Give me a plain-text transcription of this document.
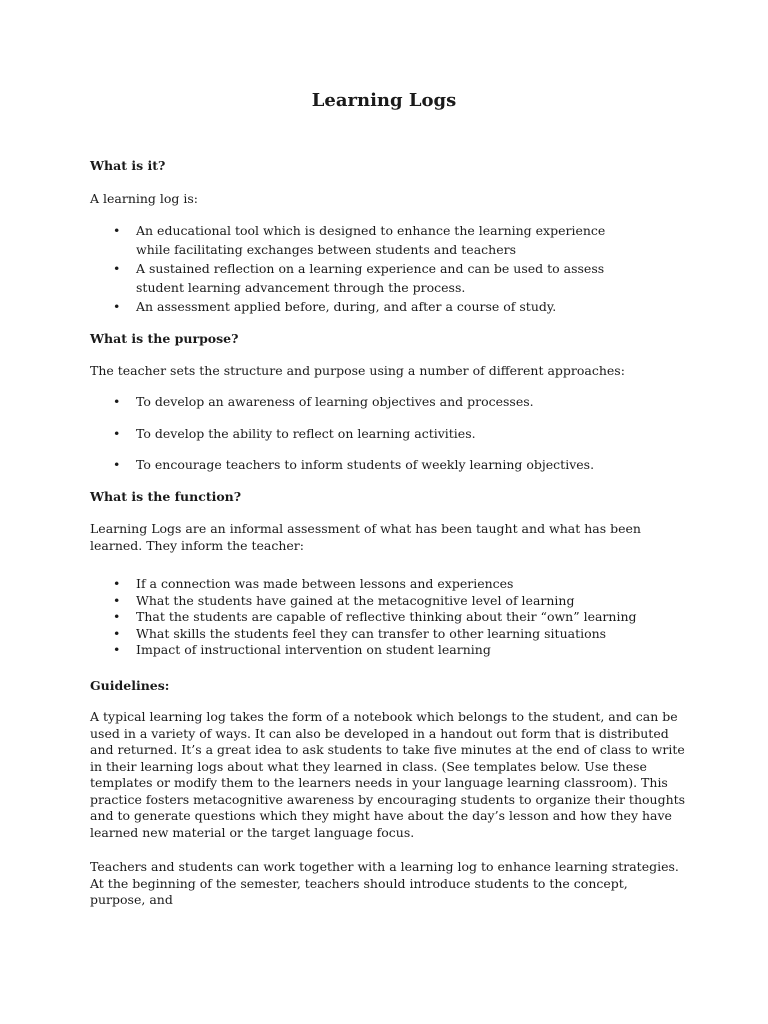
Learning Logs
What is it?
A learning log is:
• An educational tool which is designed to enhance the learning experience while facilitating exchanges between students and teachers
• A sustained reflection on a learning experience and can be used to assess student learning advancement through the process.
• An assessment applied before, during, and after a course of study.
What is the purpose?
The teacher sets the structure and purpose using a number of different approaches:
• To develop an awareness of learning objectives and processes.
• To develop the ability to reflect on learning activities.
• To encourage teachers to inform students of weekly learning objectives.
What is the function?
Learning Logs are an informal assessment of what has been taught and what has been learned. They inform the teacher:
• If a connection was made between lessons and experiences
• What the students have gained at the metacognitive level of learning
• That the students are capable of reflective thinking about their “own” learning
• What skills the students feel they can transfer to other learning situations
• Impact of instructional intervention on student learning
Guidelines:
A typical learning log takes the form of a notebook which belongs to the student, and can be used in a variety of ways. It can also be developed in a handout out form that is distributed and returned. It’s a great idea to ask students to take five minutes at the end of class to write in their learning logs about what they learned in class. (See templates below. Use these templates or modify them to the learners needs in your language learning classroom). This practice fosters metacognitive awareness by encouraging students to organize their thoughts and to generate questions which they might have about the day’s lesson and how they have learned new material or the target language focus.
Teachers and students can work together with a learning log to enhance learning strategies. At the beginning of the semester, teachers should introduce students to the concept, purpose, and
